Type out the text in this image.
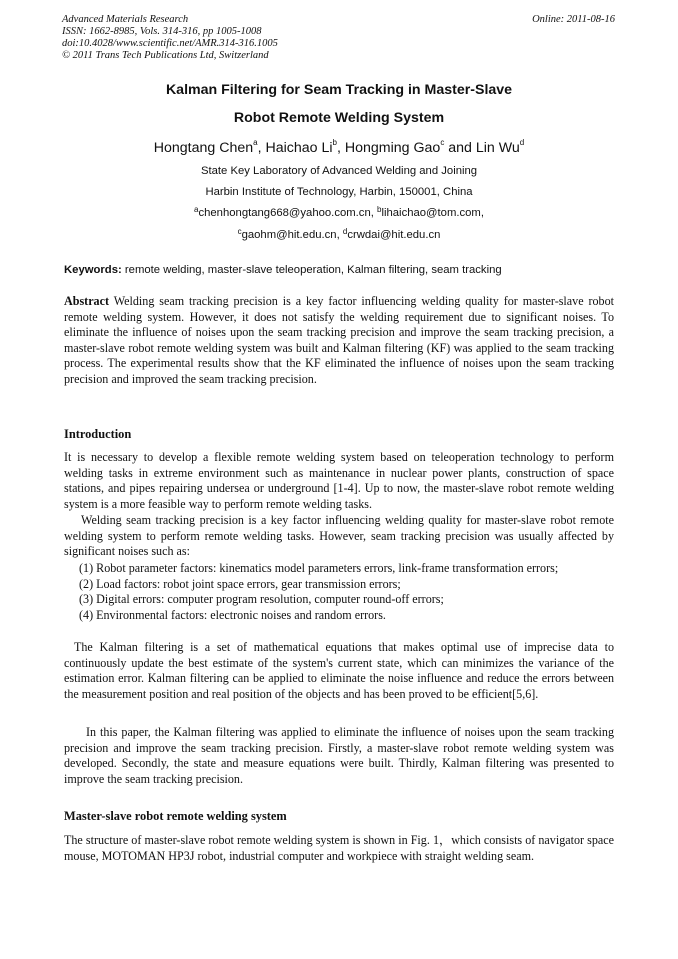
Advanced Materials Research
ISSN: 1662-8985, Vols. 314-316, pp 1005-1008
doi:10.4028/www.scientific.net/AMR.314-316.1005
© 2011 Trans Tech Publications Ltd, Switzerland
Online: 2011-08-16
Kalman Filtering for Seam Tracking in Master-Slave
Robot Remote Welding System
Hongtang Chen$^a$, Haichao Li$^b$, Hongming Gao$^c$ and Lin Wu$^d$
State Key Laboratory of Advanced Welding and Joining
Harbin Institute of Technology, Harbin, 150001, China
$^a$chenhongtang668@yahoo.com.cn, $^b$lihaichao@tom.com,
$^c$gaohm@hit.edu.cn, $^d$crwdai@hit.edu.cn
Keywords: remote welding, master-slave teleoperation, Kalman filtering, seam tracking

Abstract Welding seam tracking precision is a key factor influencing welding quality for master-slave robot remote welding system. However, it does not satisfy the welding requirement due to significant noises. To eliminate the influence of noises upon the seam tracking precision and improve the seam tracking precision, a master-slave robot remote welding system was built and Kalman filtering (KF) was applied to the seam tracking process. The experimental results show that the KF eliminated the influence of noises upon the seam tracking precision and improved the seam tracking precision.

Introduction

It is necessary to develop a flexible remote welding system based on teleoperation technology to perform welding tasks in extreme environment such as maintenance in nuclear power plants, construction of space stations, and pipes repairing undersea or underground [1-4]. Up to now, the master-slave robot remote welding system is a more feasible way to perform remote welding tasks.

Welding seam tracking precision is a key factor influencing welding quality for master-slave robot remote welding system to perform remote welding tasks. However, seam tracking precision was usually affected by significant noises such as:

(1) Robot parameter factors: kinematics model parameters errors, link-frame transformation errors;
(2) Load factors: robot joint space errors, gear transmission errors;
(3) Digital errors: computer program resolution, computer round-off errors;
(4) Environmental factors: electronic noises and random errors.

The Kalman filtering is a set of mathematical equations that makes optimal use of imprecise data to continuously update the best estimate of the system's current state, which can minimizes the variance of the estimation error. Kalman filtering can be applied to eliminate the noise influence and reduce the errors between the measurement position and real position of the objects and has been proved to be efficient[5,6].

In this paper, the Kalman filtering was applied to eliminate the influence of noises upon the seam tracking precision and improve the seam tracking precision. Firstly, a master-slave robot remote welding system was developed. Secondly, the state and measure equations were built. Thirdly, Kalman filtering was presented to improve the seam tracking precision.

Master-slave robot remote welding system

The structure of master-slave robot remote welding system is shown in Fig. 1，which consists of navigator space mouse, MOTOMAN HP3J robot, industrial computer and workpiece with straight welding seam.
